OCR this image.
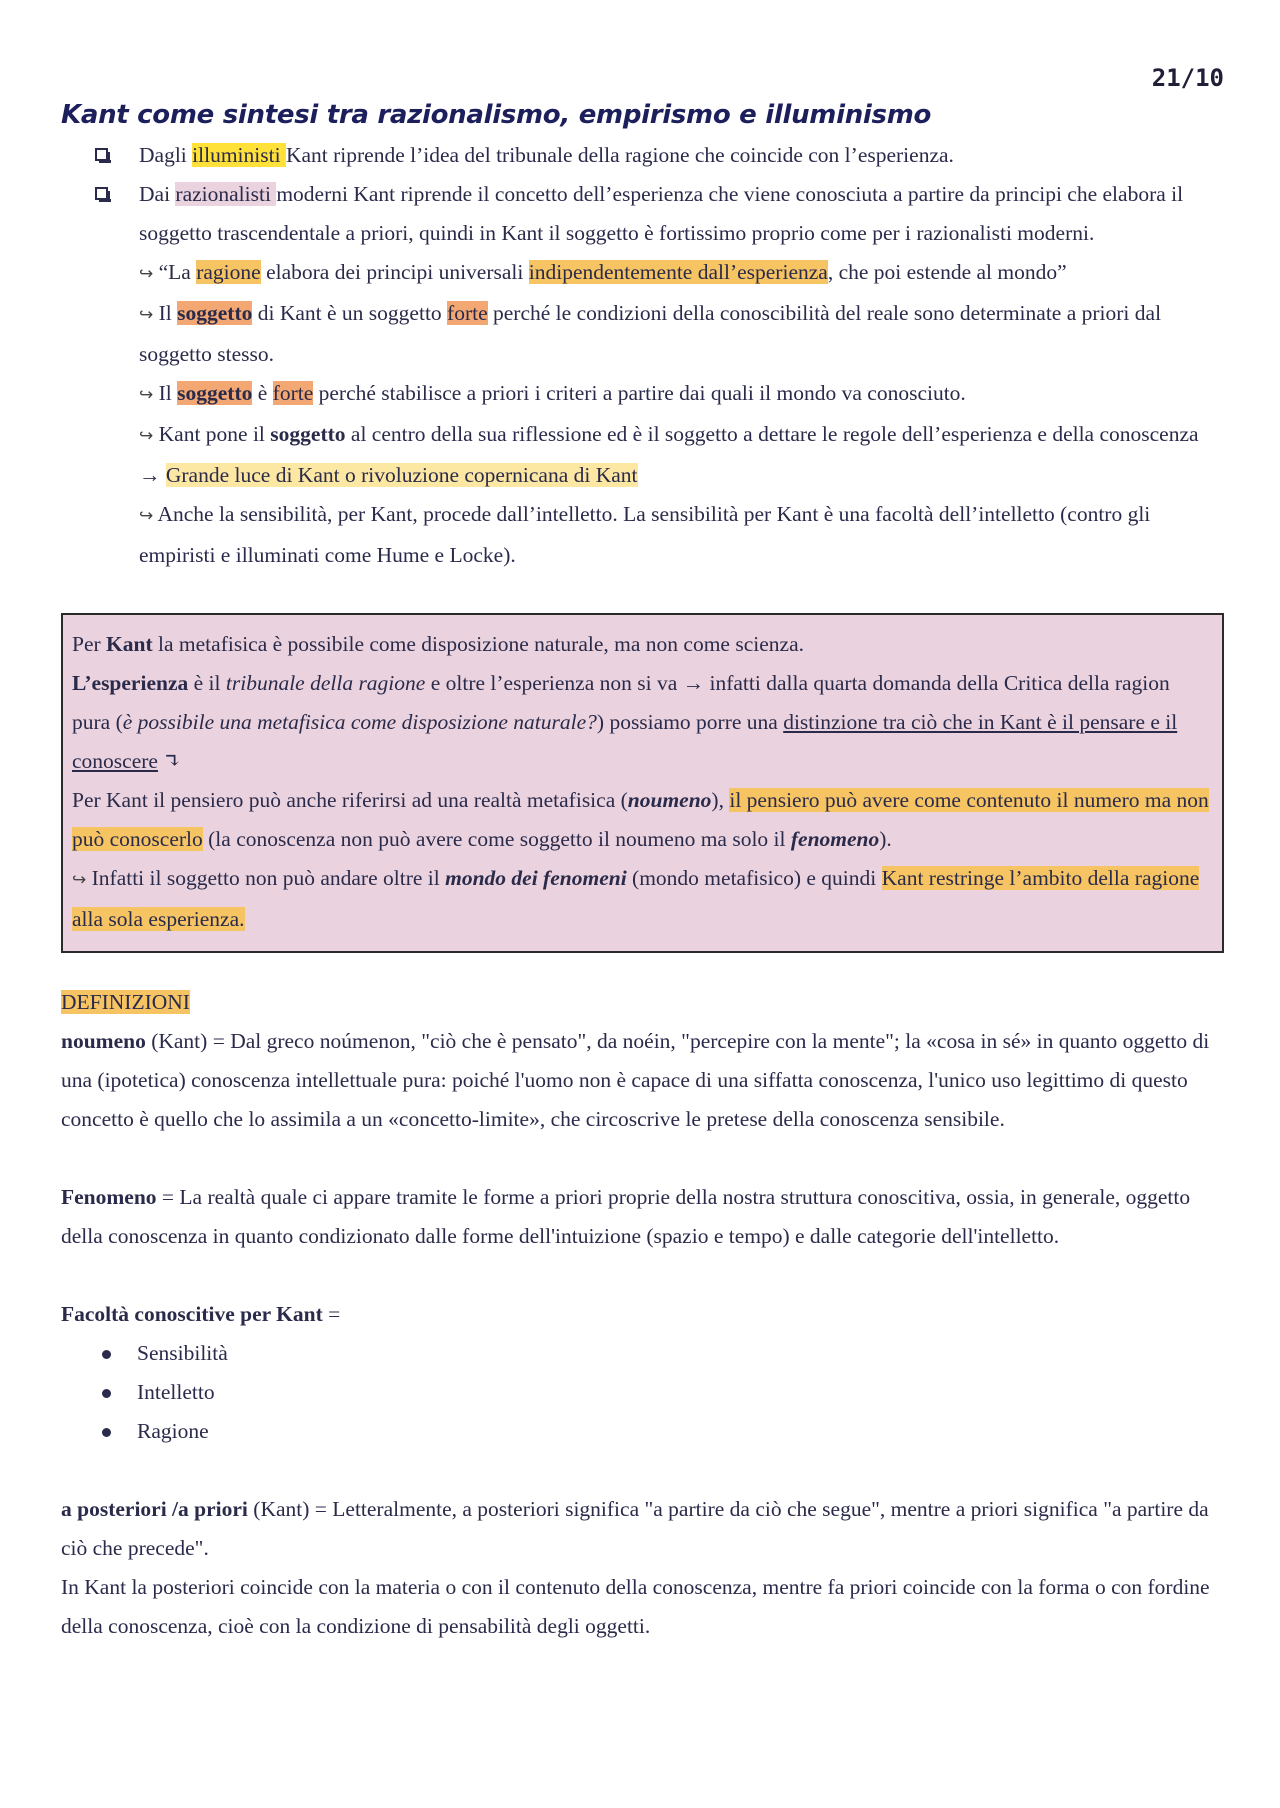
21/10
Kant come sintesi tra razionalismo, empirismo e illuminismo
Dagli illuministi Kant riprende l’idea del tribunale della ragione che coincide con l’esperienza.
Dai razionalisti moderni Kant riprende il concetto dell’esperienza che viene conosciuta a partire da principi che elabora il soggetto trascendentale a priori, quindi in Kant il soggetto è fortissimo proprio come per i razionalisti moderni.

↪ “La ragione elabora dei principi universali indipendentemente dall’esperienza, che poi estende al mondo”

↪ Il soggetto di Kant è un soggetto forte perché le condizioni della conoscibilità del reale sono determinate a priori dal soggetto stesso.

↪ Il soggetto è forte perché stabilisce a priori i criteri a partire dai quali il mondo va conosciuto.

↪ Kant pone il soggetto al centro della sua riflessione ed è il soggetto a dettare le regole dell’esperienza e della conoscenza → Grande luce di Kant o rivoluzione copernicana di Kant

↪ Anche la sensibilità, per Kant, procede dall’intelletto. La sensibilità per Kant è una facoltà dell’intelletto (contro gli empiristi e illuminati come Hume e Locke).

Per Kant la metafisica è possibile come disposizione naturale, ma non come scienza.

L’esperienza è il tribunale della ragione e oltre l’esperienza non si va → infatti dalla quarta domanda della Critica della ragion pura (è possibile una metafisica come disposizione naturale?) possiamo porre una distinzione tra ciò che in Kant è il pensare e il conoscere ↴

Per Kant il pensiero può anche riferirsi ad una realtà metafisica (noumeno), il pensiero può avere come contenuto il numero ma non può conoscerlo (la conoscenza non può avere come soggetto il noumeno ma solo il fenomeno).

↪ Infatti il soggetto non può andare oltre il mondo dei fenomeni (mondo metafisico) e quindi Kant restringe l’ambito della ragione alla sola esperienza.

DEFINIZIONI

noumeno (Kant) = Dal greco noúmenon, "ciò che è pensato", da noéin, "percepire con la mente"; la «cosa in sé» in quanto oggetto di una (ipotetica) conoscenza intellettuale pura: poiché l'uomo non è capace di una siffatta conoscenza, l'unico uso legittimo di questo concetto è quello che lo assimila a un «concetto-limite», che circoscrive le pretese della conoscenza sensibile.

Fenomeno = La realtà quale ci appare tramite le forme a priori proprie della nostra struttura conoscitiva, ossia, in generale, oggetto della conoscenza in quanto condizionato dalle forme dell'intuizione (spazio e tempo) e dalle categorie dell'intelletto.

Facoltà conoscitive per Kant =

Sensibilità
Intelletto
Ragione

a posteriori /a priori (Kant) = Letteralmente, a posteriori significa "a partire da ciò che segue", mentre a priori significa "a partire da ciò che precede".

In Kant la posteriori coincide con la materia o con il contenuto della conoscenza, mentre fa priori coincide con la forma o con fordine della conoscenza, cioè con la condizione di pensabilità degli oggetti.
